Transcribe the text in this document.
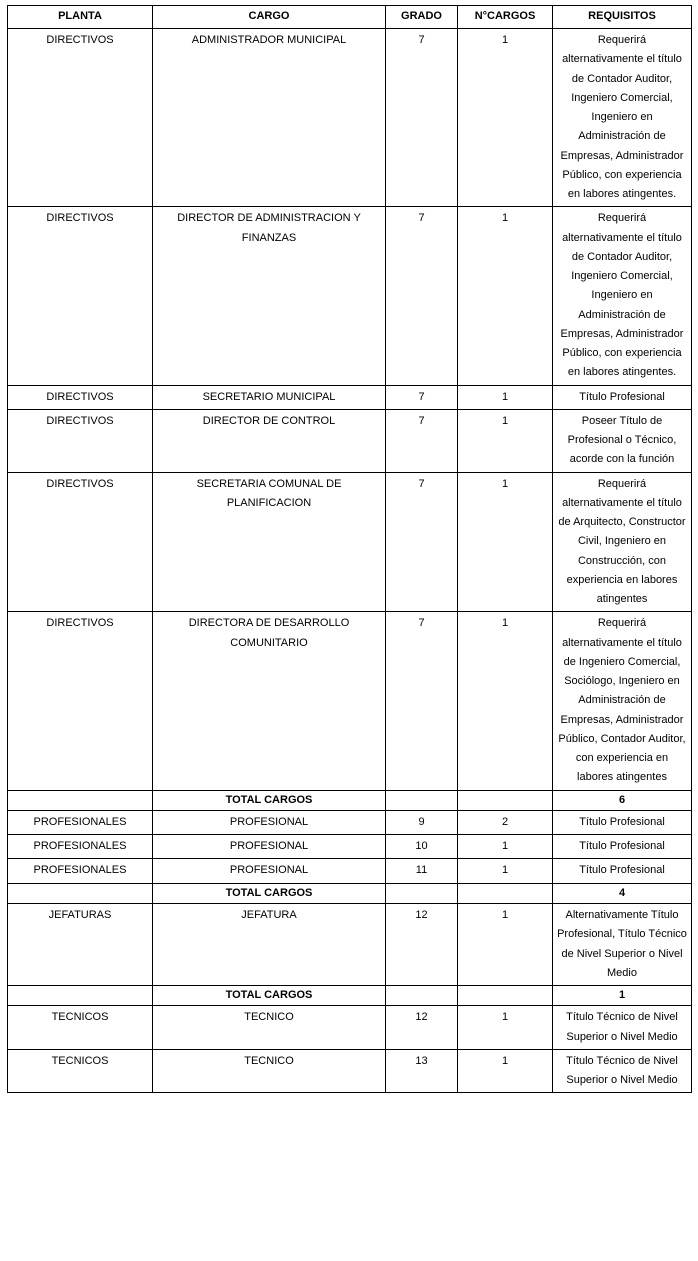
PLANTA	CARGO	GRADO	N°CARGOS	REQUISITOS
DIRECTIVOS	ADMINISTRADOR MUNICIPAL	7	1	Requerirá alternativamente el título de Contador Auditor, Ingeniero Comercial, Ingeniero en Administración de Empresas, Administrador Público, con experiencia en labores atingentes.
DIRECTIVOS	DIRECTOR DE ADMINISTRACION Y FINANZAS	7	1	Requerirá alternativamente el título de Contador Auditor, Ingeniero Comercial, Ingeniero en Administración de Empresas, Administrador Público, con experiencia en labores atingentes.
DIRECTIVOS	SECRETARIO MUNICIPAL	7	1	Título Profesional
DIRECTIVOS	DIRECTOR DE CONTROL	7	1	Poseer Título de Profesional o Técnico, acorde con la función
DIRECTIVOS	SECRETARIA COMUNAL DE PLANIFICACION	7	1	Requerirá alternativamente el título de Arquitecto, Constructor Civil, Ingeniero en Construcción, con experiencia en labores atingentes
DIRECTIVOS	DIRECTORA DE DESARROLLO COMUNITARIO	7	1	Requerirá alternativamente el título de Ingeniero Comercial, Sociólogo, Ingeniero en Administración de Empresas, Administrador Público, Contador Auditor, con experiencia en labores atingentes
	TOTAL CARGOS			6
PROFESIONALES	PROFESIONAL	9	2	Título Profesional
PROFESIONALES	PROFESIONAL	10	1	Título Profesional
PROFESIONALES	PROFESIONAL	11	1	Título Profesional
	TOTAL CARGOS			4
JEFATURAS	JEFATURA	12	1	Alternativamente Título Profesional, Título Técnico de Nivel Superior o Nivel Medio
	TOTAL CARGOS			1
TECNICOS	TECNICO	12	1	Título Técnico de Nivel Superior o Nivel Medio
TECNICOS	TECNICO	13	1	Título Técnico de Nivel Superior o Nivel Medio
